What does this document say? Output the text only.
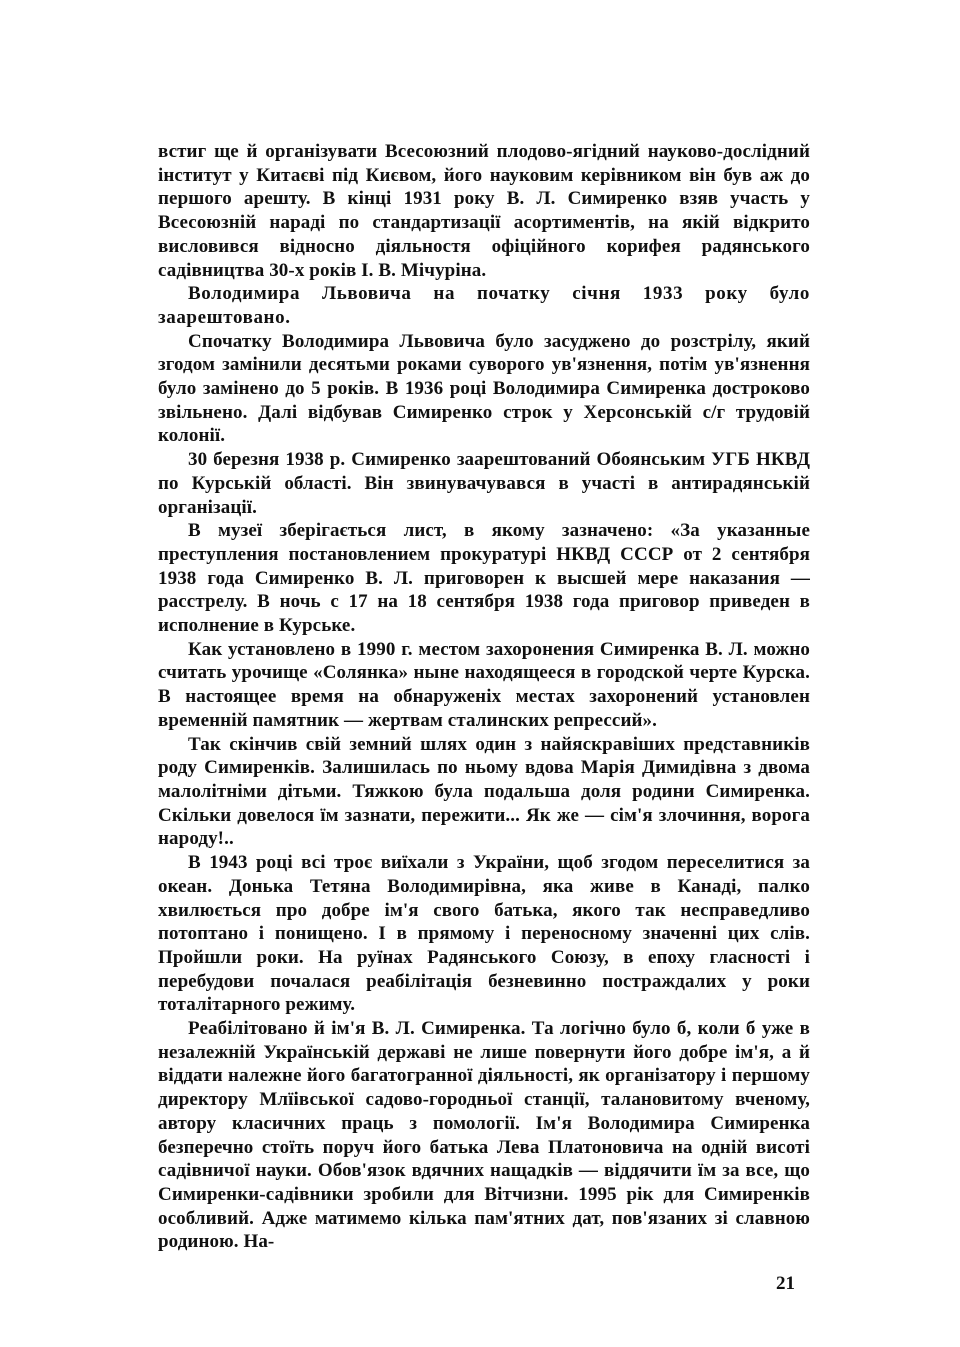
встиг ще й організувати Всесоюзний плодово-ягідний науково-дослідний інститут у Китаєві під Києвом, його науковим керівником він був аж до першого арешту. В кінці 1931 року В. Л. Симиренко взяв участь у Всесоюзній нараді по стандартизації асортиментів, на якій відкрито висловився відносно діяльностя офіційного корифея радянського садівництва 30-х років І. В. Мічуріна.

Володимира Львовича на початку січня 1933 року було заарештовано.

Спочатку Володимира Львовича було засуджено до розстрілу, який згодом замінили десятьми роками суворого ув'язнення, потім ув'язнення було замінено до 5 років. В 1936 році Володимира Симиренка достроково звільнено. Далі відбував Симиренко строк у Херсонській с/г трудовій колонії.

30 березня 1938 р. Симиренко заарештований Обоянським УГБ НКВД по Курській області. Він звинувачувався в участі в антирадянській організації.

В музеї зберігається лист, в якому зазначено: «За указанные преступления постановлением прокуратурі НКВД СССР от 2 сентября 1938 года Симиренко В. Л. приговорен к высшей мере наказания — расстрелу. В ночь с 17 на 18 сентября 1938 года приговор приведен в исполнение в Курське.

Как установлено в 1990 г. местом захоронения Симиренка В. Л. можно считать урочище «Солянка» ныне находящееся в городской черте Курска. В настоящее время на обнаруженіх местах захоронений установлен временній памятник — жертвам сталинских репрессий».

Так скінчив свій земний шлях один з найяскравіших представників роду Симиренків. Залишилась по ньому вдова Марія Димидівна з двома малолітніми дітьми. Тяжкою була подальша доля родини Симиренка. Скільки довелося їм зазнати, пережити... Як же — сім'я злочиння, ворога народу!..

В 1943 році всі троє виїхали з України, щоб згодом переселитися за океан. Донька Тетяна Володимирівна, яка живе в Канаді, палко хвилюється про добре ім'я свого батька, якого так несправедливо потоптано і понищено. І в прямому і переносному значенні цих слів. Пройшли роки. На руїнах Радянського Союзу, в епоху гласності і перебудови почалася реабілітація безневинно постраждалих у роки тоталітарного режиму.

Реабілітовано й ім'я В. Л. Симиренка. Та логічно було б, коли б уже в незалежній Українській державі не лише повернути його добре ім'я, а й віддати належне його багатогранної діяльності, як організатору і першому директору Млїівської садово-городньої станції, талановитому вченому, автору класичних праць з помології. Ім'я Володимира Симиренка безперечно стоїть поруч його батька Лева Платоновича на одній висоті садівничої науки. Обов'язок вдячних нащадків — віддячити їм за все, що Симиренки-садівники зробили для Вітчизни. 1995 рік для Симиренків особливий. Адже матимемо кілька пам'ятних дат, пов'язаних зі славною родиною. На-

21
